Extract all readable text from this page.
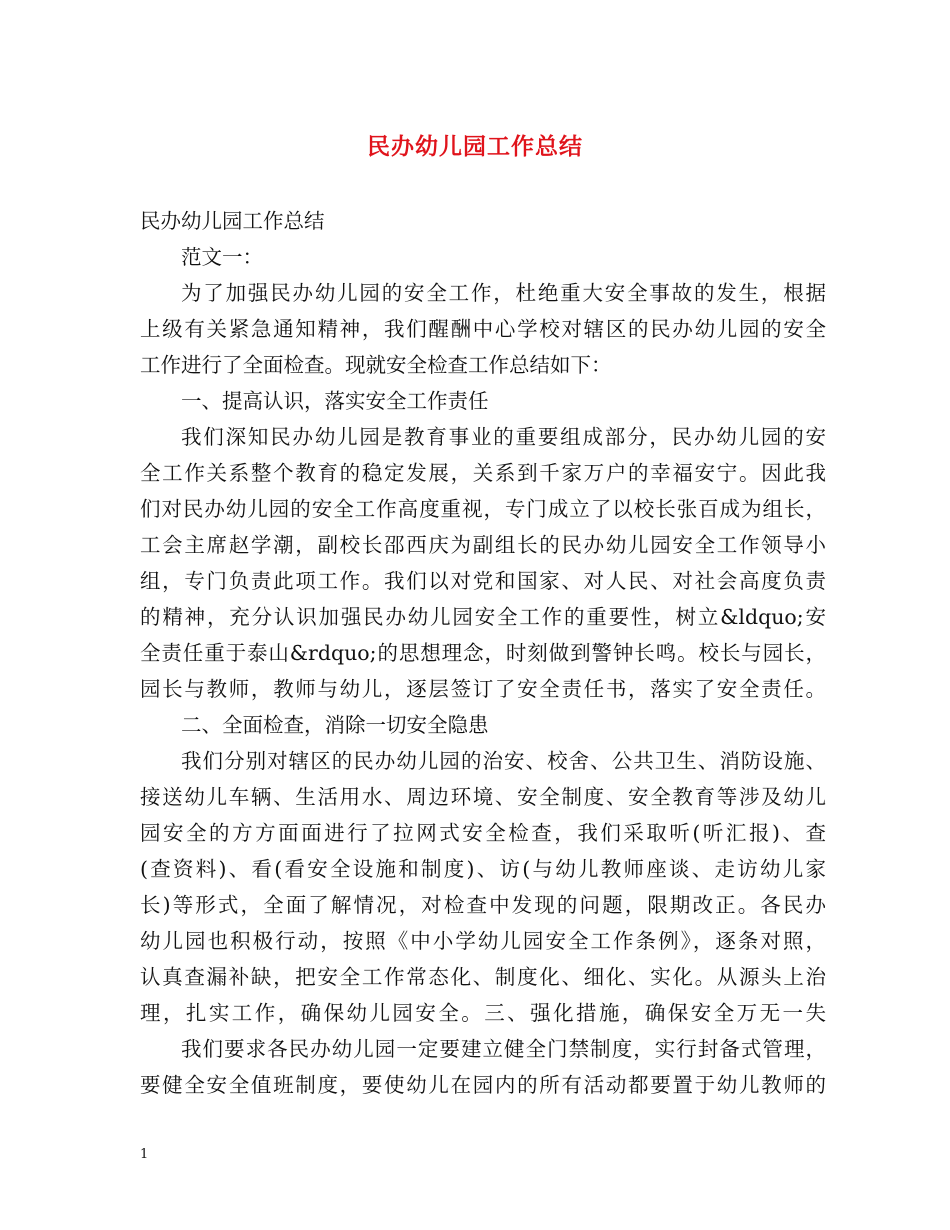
民办幼儿园工作总结
民办幼儿园工作总结
范文一：
为了加强民办幼儿园的安全工作，杜绝重大安全事故的发生，根据
上级有关紧急通知精神，我们醒酬中心学校对辖区的民办幼儿园的安全
工作进行了全面检查。现就安全检查工作总结如下：
一、提高认识，落实安全工作责任
我们深知民办幼儿园是教育事业的重要组成部分，民办幼儿园的安
全工作关系整个教育的稳定发展，关系到千家万户的幸福安宁。因此我
们对民办幼儿园的安全工作高度重视，专门成立了以校长张百成为组长，
工会主席赵学潮，副校长邵西庆为副组长的民办幼儿园安全工作领导小
组，专门负责此项工作。我们以对党和国家、对人民、对社会高度负责
的精神，充分认识加强民办幼儿园安全工作的重要性，树立&ldquo;安
全责任重于泰山&rdquo;的思想理念，时刻做到警钟长鸣。校长与园长，
园长与教师，教师与幼儿，逐层签订了安全责任书，落实了安全责任。
二、全面检查，消除一切安全隐患
我们分别对辖区的民办幼儿园的治安、校舍、公共卫生、消防设施、
接送幼儿车辆、生活用水、周边环境、安全制度、安全教育等涉及幼儿
园安全的方方面面进行了拉网式安全检查，我们采取听(听汇报)、查
(查资料)、看(看安全设施和制度)、访(与幼儿教师座谈、走访幼儿家
长)等形式，全面了解情况，对检查中发现的问题，限期改正。各民办
幼儿园也积极行动，按照《中小学幼儿园安全工作条例》，逐条对照，
认真查漏补缺，把安全工作常态化、制度化、细化、实化。从源头上治
理，扎实工作，确保幼儿园安全。三、强化措施，确保安全万无一失
我们要求各民办幼儿园一定要建立健全门禁制度，实行封备式管理，
要健全安全值班制度，要使幼儿在园内的所有活动都要置于幼儿教师的
1
